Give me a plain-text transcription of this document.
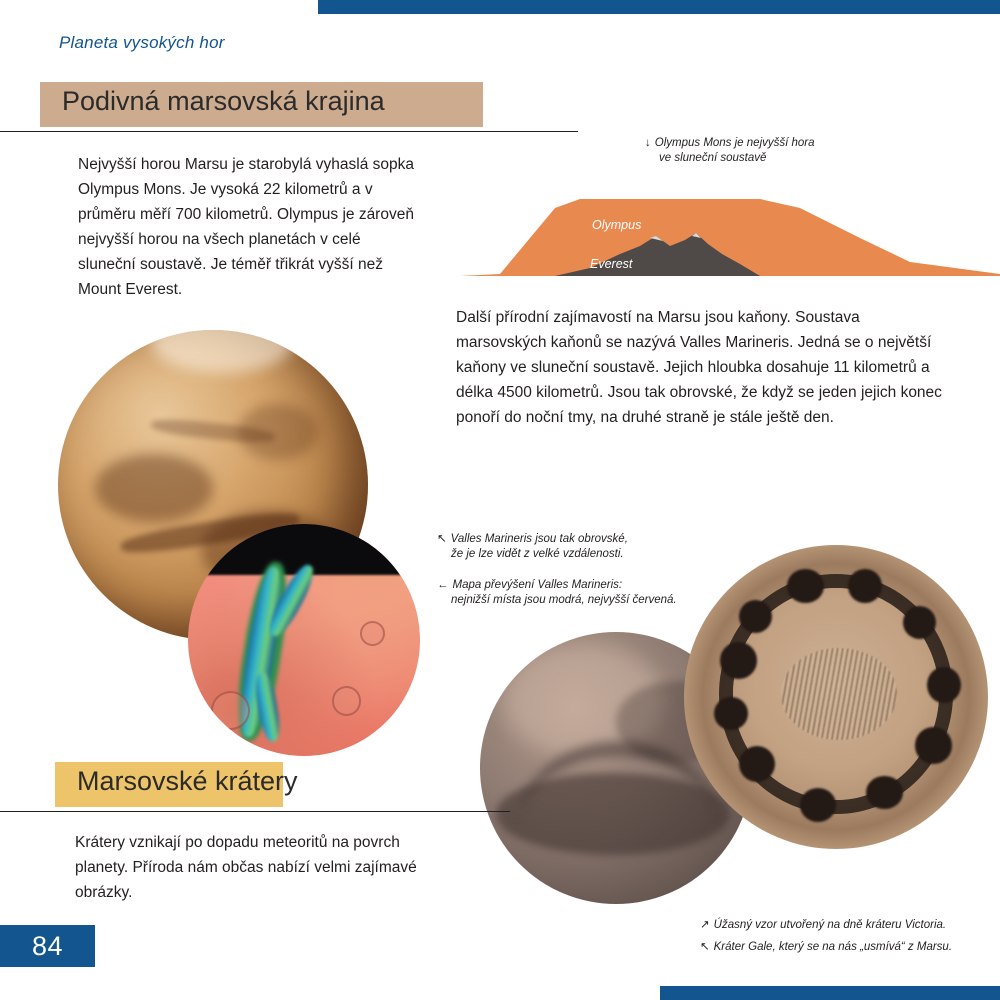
Planeta vysokých hor
Podivná marsovská krajina
Nejvyšší horou Marsu je starobylá vyhaslá sopka Olympus Mons. Je vysoká 22 kilometrů a v průměru měří 700 kilometrů. Olympus je zároveň nejvyšší horou na všech planetách v celé sluneční soustavě. Je téměř třikrát vyšší než Mount Everest.
↓ Olympus Mons je nejvyšší hora
ve sluneční soustavě
Olympus
Everest
Další přírodní zajímavostí na Marsu jsou kaňony. Soustava marsovských kaňonů se nazývá Valles Marineris. Jedná se o největší kaňony ve sluneční soustavě. Jejich hloubka dosahuje 11 kilometrů a délka 4500 kilometrů. Jsou tak obrovské, že když se jeden jejich konec ponoří do noční tmy, na druhé straně je stále ještě den.
↖ Valles Marineris jsou tak obrovské,
že je lze vidět z velké vzdálenosti.
← Mapa převýšení Valles Marineris:
nejnižší místa jsou modrá, nejvyšší červená.
↗ Úžasný vzor utvořený na dně kráteru Victoria.
↖ Kráter Gale, který se na nás „usmívá“ z Marsu.
Marsovské krátery
Krátery vznikají po dopadu meteoritů na povrch planety. Příroda nám občas nabízí velmi zajímavé obrázky.
84
